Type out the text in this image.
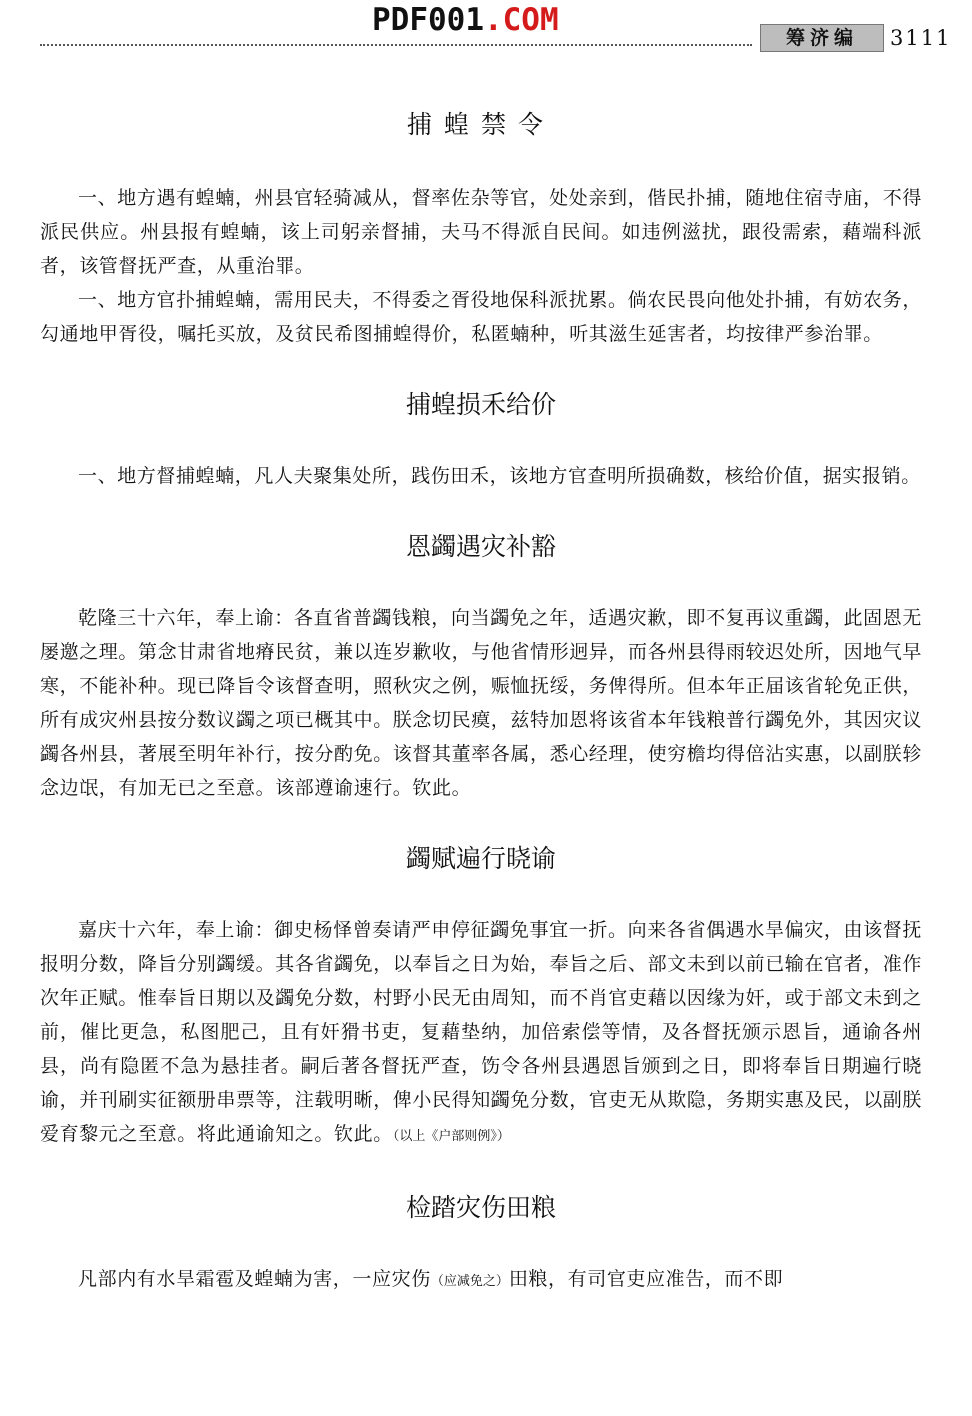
PDF001.COM	筹济编	3111
捕蝗禁令

一、地方遇有蝗蝻，州县官轻骑减从，督率佐杂等官，处处亲到，偕民扑捕，随地住宿寺庙，不得派民供应。州县报有蝗蝻，该上司躬亲督捕，夫马不得派自民间。如违例滋扰，跟役需索，藉端科派者，该管督抚严查，从重治罪。

一、地方官扑捕蝗蝻，需用民夫，不得委之胥役地保科派扰累。倘农民畏向他处扑捕，有妨农务，勾通地甲胥役，嘱托买放，及贫民希图捕蝗得价，私匿蝻种，听其滋生延害者，均按律严参治罪。

捕蝗损禾给价

一、地方督捕蝗蝻，凡人夫聚集处所，践伤田禾，该地方官查明所损确数，核给价值，据实报销。

恩蠲遇灾补豁

乾隆三十六年，奉上谕：各直省普蠲钱粮，向当蠲免之年，适遇灾歉，即不复再议重蠲，此固恩无屡邀之理。第念甘肃省地瘠民贫，兼以连岁歉收，与他省情形迥异，而各州县得雨较迟处所，因地气早寒，不能补种。现已降旨令该督查明，照秋灾之例，赈恤抚绥，务俾得所。但本年正届该省轮免正供，所有成灾州县按分数议蠲之项已概其中。朕念切民瘼，兹特加恩将该省本年钱粮普行蠲免外，其因灾议蠲各州县，著展至明年补行，按分酌免。该督其董率各属，悉心经理，使穷檐均得倍沾实惠，以副朕轸念边氓，有加无已之至意。该部遵谕速行。钦此。

蠲赋遍行晓谕

嘉庆十六年，奉上谕：御史杨怿曾奏请严申停征蠲免事宜一折。向来各省偶遇水旱偏灾，由该督抚报明分数，降旨分别蠲缓。其各省蠲免，以奉旨之日为始，奉旨之后、部文未到以前已输在官者，准作次年正赋。惟奉旨日期以及蠲免分数，村野小民无由周知，而不肖官吏藉以因缘为奸，或于部文未到之前，催比更急，私图肥己，且有奸猾书吏，复藉垫纳，加倍索偿等情，及各督抚颁示恩旨，通谕各州县，尚有隐匿不急为悬挂者。嗣后著各督抚严查，饬令各州县遇恩旨颁到之日，即将奉旨日期遍行晓谕，并刊刷实征额册串票等，注载明晰，俾小民得知蠲免分数，官吏无从欺隐，务期实惠及民，以副朕爱育黎元之至意。将此通谕知之。钦此。（以上《户部则例》）

检踏灾伤田粮

凡部内有水旱霜雹及蝗蝻为害，一应灾伤（应减免之）田粮，有司官吏应准告，而不即
